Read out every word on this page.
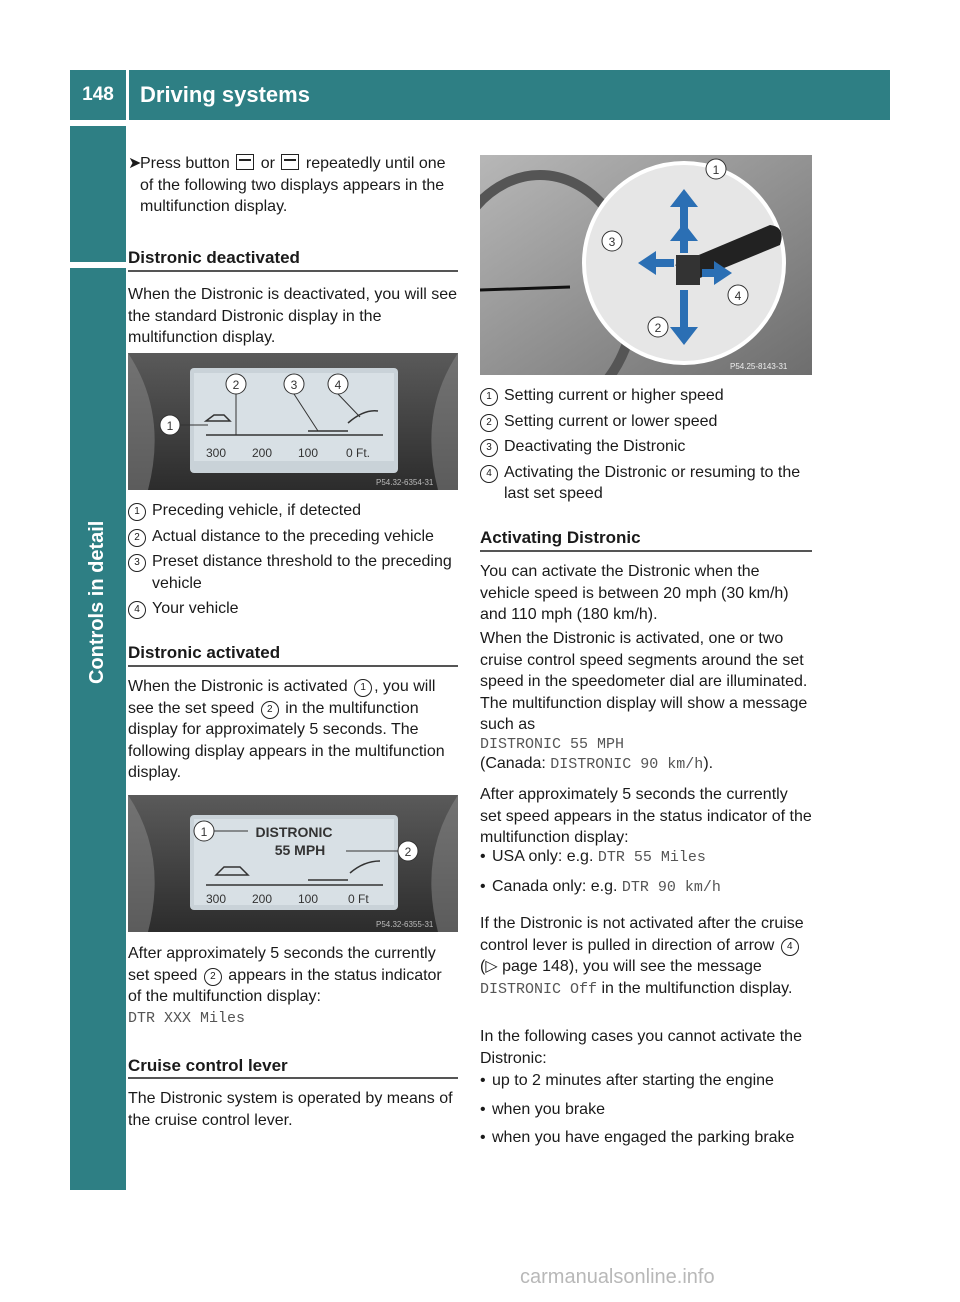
148	Driving systems
Controls in detail
➤
Press button or repeatedly until one of the following two displays appears in the multifunction display.
Distronic deactivated

When the Distronic is deactivated, you will see the standard Distronic display in the multifunction display.

1
2	3	4
300 200 100 0 Ft.
P54.32-6354-31
1 Preceding vehicle, if detected
2 Actual distance to the preceding vehicle
3 Preset distance threshold to the preceding vehicle
4 Your vehicle
Distronic activated

When the Distronic is activated 1 , you will see the set speed 2 in the multifunction display for approximately 5 seconds. The following display appears in the multifunction display.

DISTRONIC
55 MPH
1
2
300 200 100 0 Ft
P54.32-6355-31

After approximately 5 seconds the currently set speed 2 appears in the status indicator of the multifunction display:

DTR XXX Miles
Cruise control lever

The Distronic system is operated by means of the cruise control lever.

1
3
4
2
P54.25-8143-31
1 Setting current or higher speed
2 Setting current or lower speed
3 Deactivating the Distronic
4 Activating the Distronic or resuming to the last set speed
Activating Distronic

You can activate the Distronic when the vehicle speed is between 20 mph (30 km/h) and 110 mph (180 km/h).

When the Distronic is activated, one or two cruise control speed segments around the set speed in the speedometer dial are illuminated. The multifunction display will show a message such as

DISTRONIC 55 MPH

(Canada: DISTRONIC 90 km/h).

After approximately 5 seconds the currently set speed appears in the status indicator of the multifunction display:

• USA only: e.g. DTR 55 Miles
• Canada only: e.g. DTR 90 km/h

If the Distronic is not activated after the cruise control lever is pulled in direction of arrow 4 (▷ page 148), you will see the message DISTRONIC Off in the multifunction display.

In the following cases you cannot activate the Distronic:

• up to 2 minutes after starting the engine
• when you brake
• when you have engaged the parking brake
carmanualsonline.info
